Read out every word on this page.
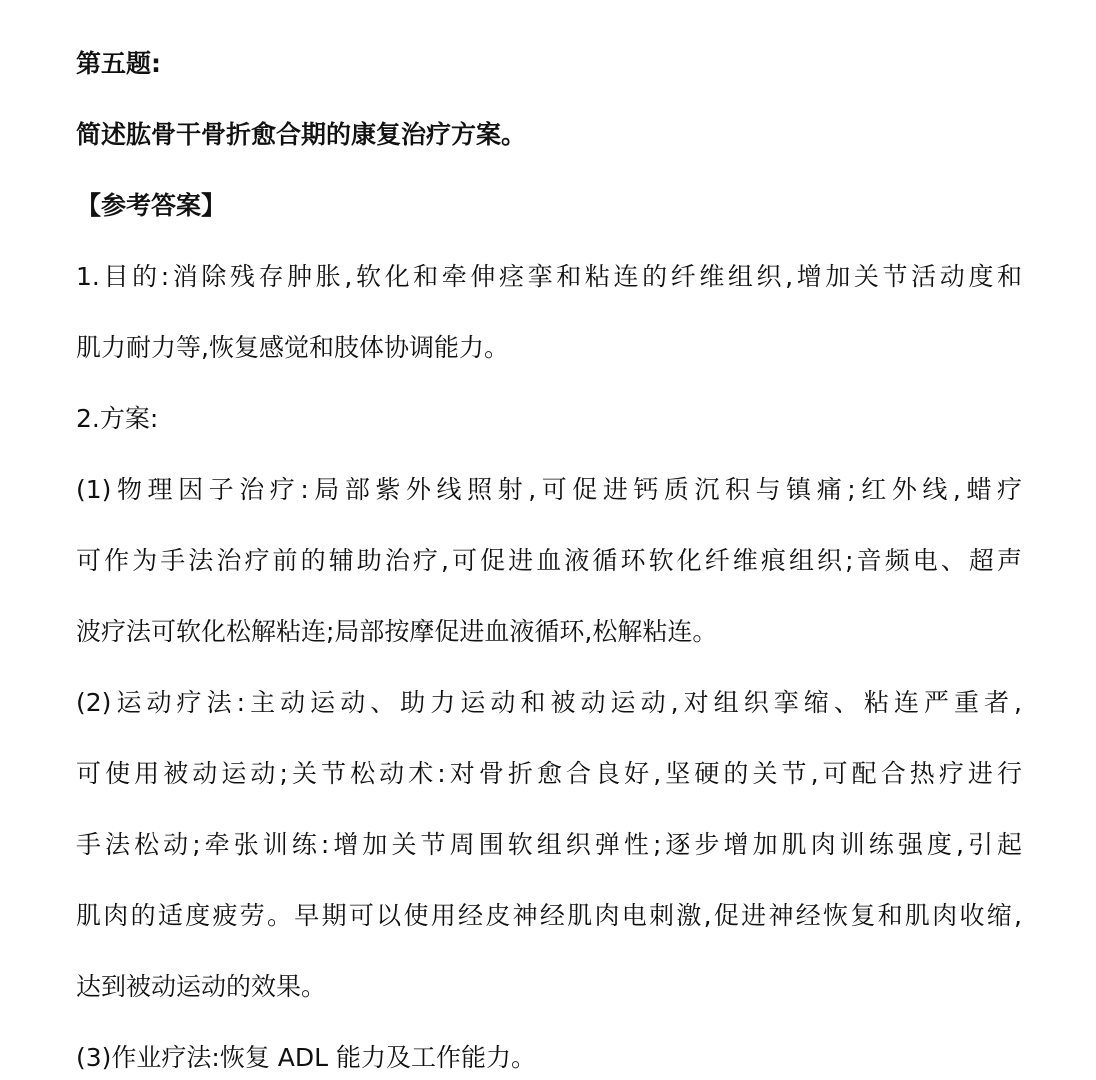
第五题:
简述肱骨干骨折愈合期的康复治疗方案。
【参考答案】
1.目的:消除残存肿胀,软化和牵伸痉挛和粘连的纤维组织,增加关节活动度和
肌力耐力等,恢复感觉和肢体协调能力。
2.方案:
(1)物理因子治疗:局部紫外线照射,可促进钙质沉积与镇痛;红外线,蜡疗
可作为手法治疗前的辅助治疗,可促进血液循环软化纤维痕组织;音频电、超声
波疗法可软化松解粘连;局部按摩促进血液循环,松解粘连。
(2)运动疗法:主动运动、助力运动和被动运动,对组织挛缩、粘连严重者,
可使用被动运动;关节松动术:对骨折愈合良好,坚硬的关节,可配合热疗进行
手法松动;牵张训练:增加关节周围软组织弹性;逐步增加肌肉训练强度,引起
肌肉的适度疲劳。早期可以使用经皮神经肌肉电刺激,促进神经恢复和肌肉收缩,
达到被动运动的效果。
(3)作业疗法:恢复 ADL 能力及工作能力。
